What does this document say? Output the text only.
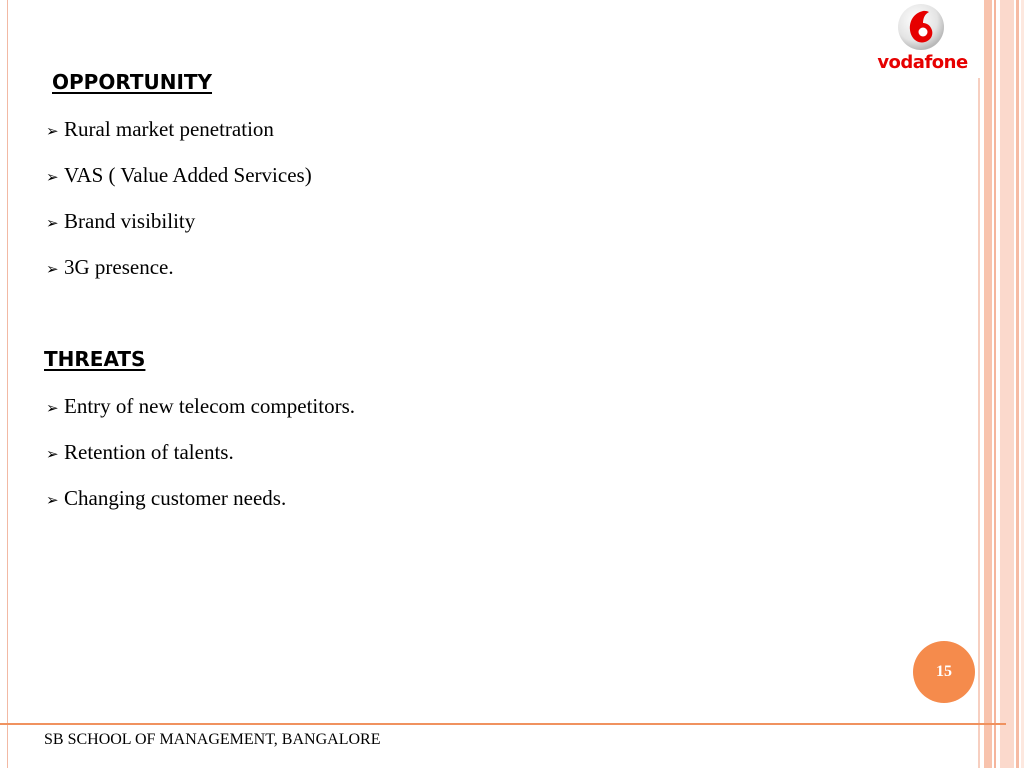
vodafone
OPPORTUNITY
➢ Rural market penetration
➢ VAS ( Value Added Services)
➢ Brand visibility
➢ 3G presence.
THREATS
➢ Entry of new telecom competitors.
➢ Retention of talents.
➢ Changing customer needs.
15
SB SCHOOL OF MANAGEMENT, BANGALORE
